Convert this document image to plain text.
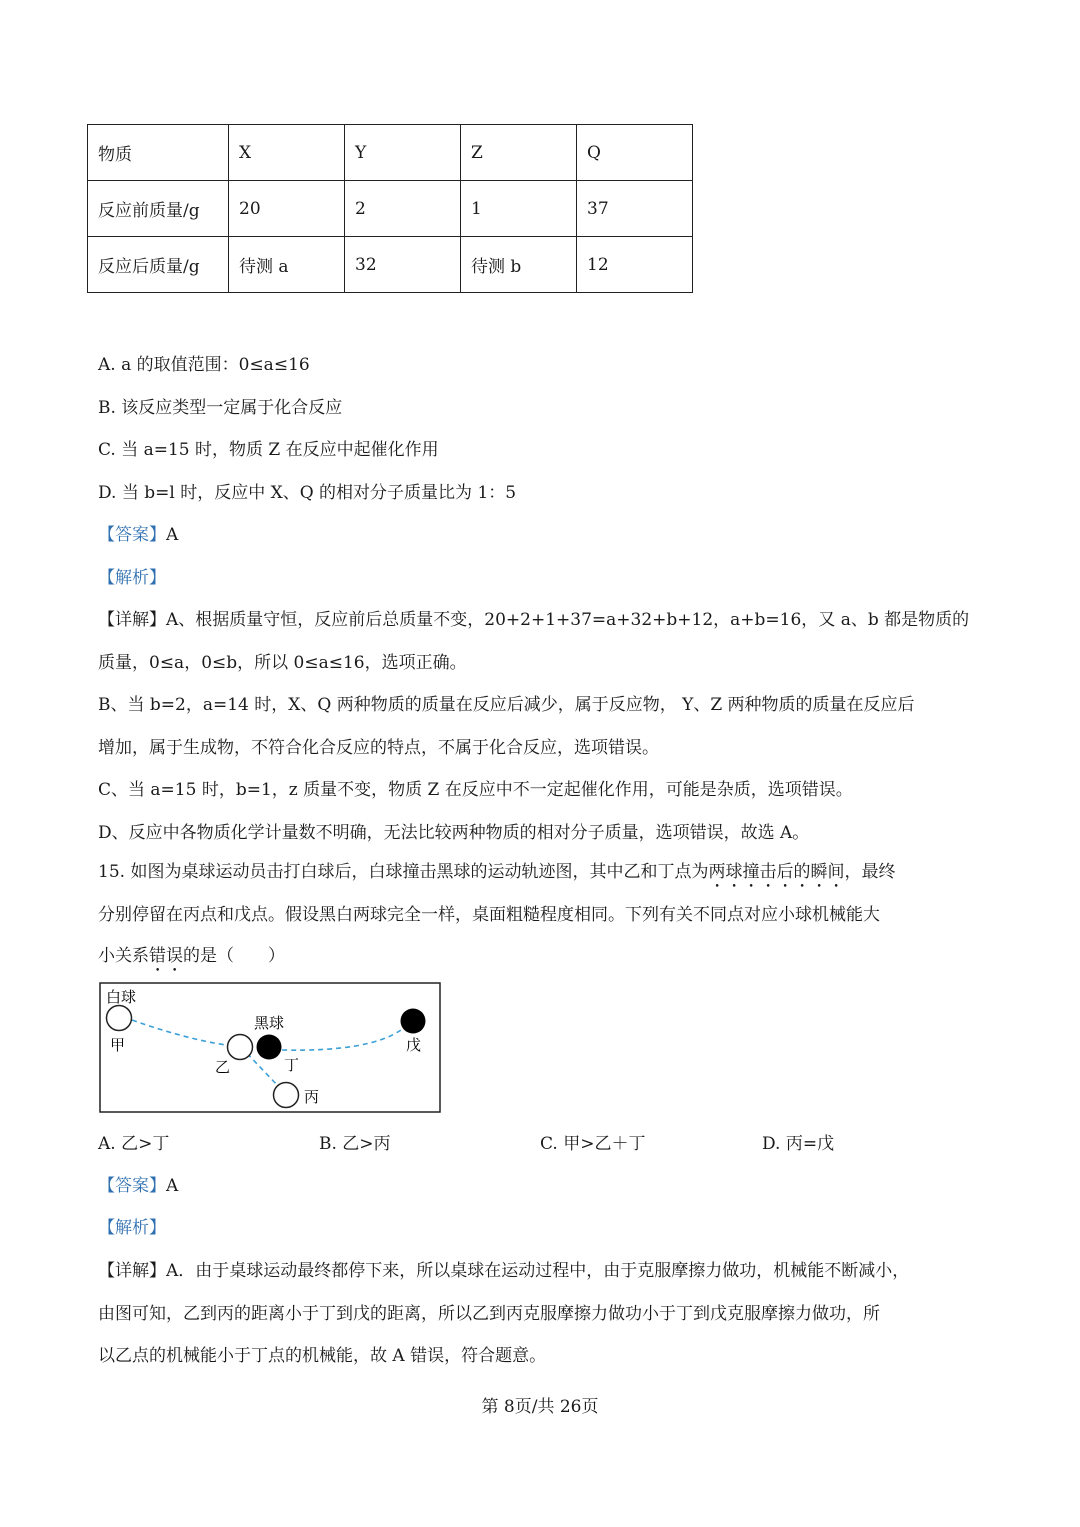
物质	X	Y	Z	Q
反应前质量/g	20	2	1	37
反应后质量/g	待测 a	32	待测 b	12
A. a 的取值范围：0≤a≤16
B. 该反应类型一定属于化合反应
C. 当 a=15 时，物质 Z 在反应中起催化作用
D. 当 b=l 时，反应中 X、Q 的相对分子质量比为 1：5
【答案】A
【解析】
【详解】A、根据质量守恒，反应前后总质量不变，20+2+1+37=a+32+b+12，a+b=16，又 a、b 都是物质的
质量，0≤a，0≤b，所以 0≤a≤16，选项正确。
B、当 b=2，a=14 时，X、Q 两种物质的质量在反应后减少，属于反应物， Y、Z 两种物质的质量在反应后
增加，属于生成物，不符合化合反应的特点，不属于化合反应，选项错误。
C、当 a=15 时，b=1，z 质量不变，物质 Z 在反应中不一定起催化作用，可能是杂质，选项错误。
D、反应中各物质化学计量数不明确，无法比较两种物质的相对分子质量，选项错误，故选 A。
15. 如图为桌球运动员击打白球后，白球撞击黑球的运动轨迹图，其中乙和丁点为两球撞击后的瞬间，最终
分别停留在丙点和戊点。假设黑白两球完全一样，桌面粗糙程度相同。下列有关不同点对应小球机械能大
小关系错误的是（　　）
白球
黑球
甲
乙	丁
丙
戊
A. 乙>丁	B. 乙>丙	C. 甲>乙＋丁	D. 丙=戊
【答案】A
【解析】
【详解】A．由于桌球运动最终都停下来，所以桌球在运动过程中，由于克服摩擦力做功，机械能不断减小，
由图可知，乙到丙的距离小于丁到戊的距离，所以乙到丙克服摩擦力做功小于丁到戊克服摩擦力做功，所
以乙点的机械能小于丁点的机械能，故 A 错误，符合题意。
第 8页/共 26页
